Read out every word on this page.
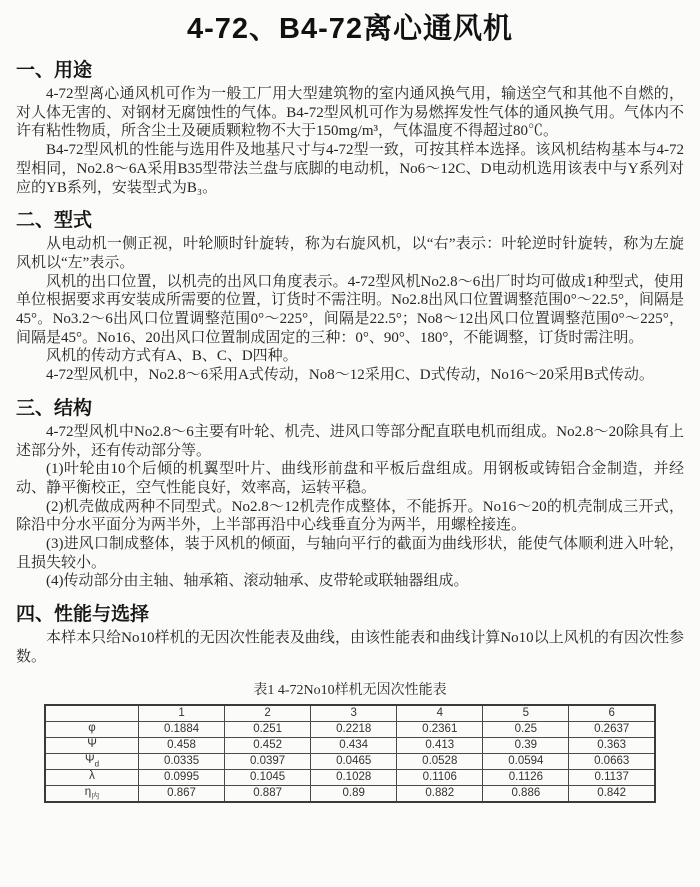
4-72、B4-72离心通风机
一、用途

4-72型离心通风机可作为一般工厂用大型建筑物的室内通风换气用，输送空气和其他不自燃的，对人体无害的、对钢材无腐蚀性的气体。B4-72型风机可作为易燃挥发性气体的通风换气用。气体内不许有粘性物质，所含尘土及硬质颗粒物不大于150mg/m³，气体温度不得超过80℃。

B4-72型风机的性能与选用件及地基尺寸与4-72型一致，可按其样本选择。该风机结构基本与4-72型相同，No2.8～6A采用B35型带法兰盘与底脚的电动机，No6～12C、D电动机选用该表中与Y系列对应的YB系列，安装型式为B₃。

二、型式

从电动机一侧正视，叶轮顺时针旋转，称为右旋风机，以“右”表示：叶轮逆时针旋转，称为左旋风机以“左”表示。

风机的出口位置，以机壳的出风口角度表示。4-72型风机No2.8～6出厂时均可做成1种型式，使用单位根据要求再安装成所需要的位置，订货时不需注明。No2.8出风口位置调整范围0°～22.5°，间隔是45°。No3.2～6出风口位置调整范围0°～225°，间隔是22.5°；No8～12出风口位置调整范围0°～225°，间隔是45°。No16、20出风口位置制成固定的三种：0°、90°、180°，不能调整，订货时需注明。

风机的传动方式有A、B、C、D四种。

4-72型风机中，No2.8～6采用A式传动，No8～12采用C、D式传动，No16～20采用B式传动。

三、结构

4-72型风机中No2.8～6主要有叶轮、机壳、进风口等部分配直联电机而组成。No2.8～20除具有上述部分外，还有传动部分等。

(1)叶轮由10个后倾的机翼型叶片、曲线形前盘和平板后盘组成。用钢板或铸铝合金制造，并经动、静平衡校正，空气性能良好，效率高，运转平稳。

(2)机壳做成两种不同型式。No2.8～12机壳作成整体，不能拆开。No16～20的机壳制成三开式，除沿中分水平面分为两半外，上半部再沿中心线垂直分为两半，用螺栓接连。

(3)进风口制成整体，装于风机的倾面，与轴向平行的截面为曲线形状，能使气体顺利进入叶轮，且损失较小。

(4)传动部分由主轴、轴承箱、滚动轴承、皮带轮或联轴器组成。

四、性能与选择

本样本只给No10样机的无因次性能表及曲线，由该性能表和曲线计算No10以上风机的有因次性参数。

表1 4-72No10样机无因次性能表
	1	2	3	4	5	6
φ	0.1884	0.251	0.2218	0.2361	0.25	0.2637
Ψ	0.458	0.452	0.434	0.413	0.39	0.363
$\Psi_d$	0.0335	0.0397	0.0465	0.0528	0.0594	0.0663
λ	0.0995	0.1045	0.1028	0.1106	0.1126	0.1137
$\eta_内$	0.867	0.887	0.89	0.882	0.886	0.842
